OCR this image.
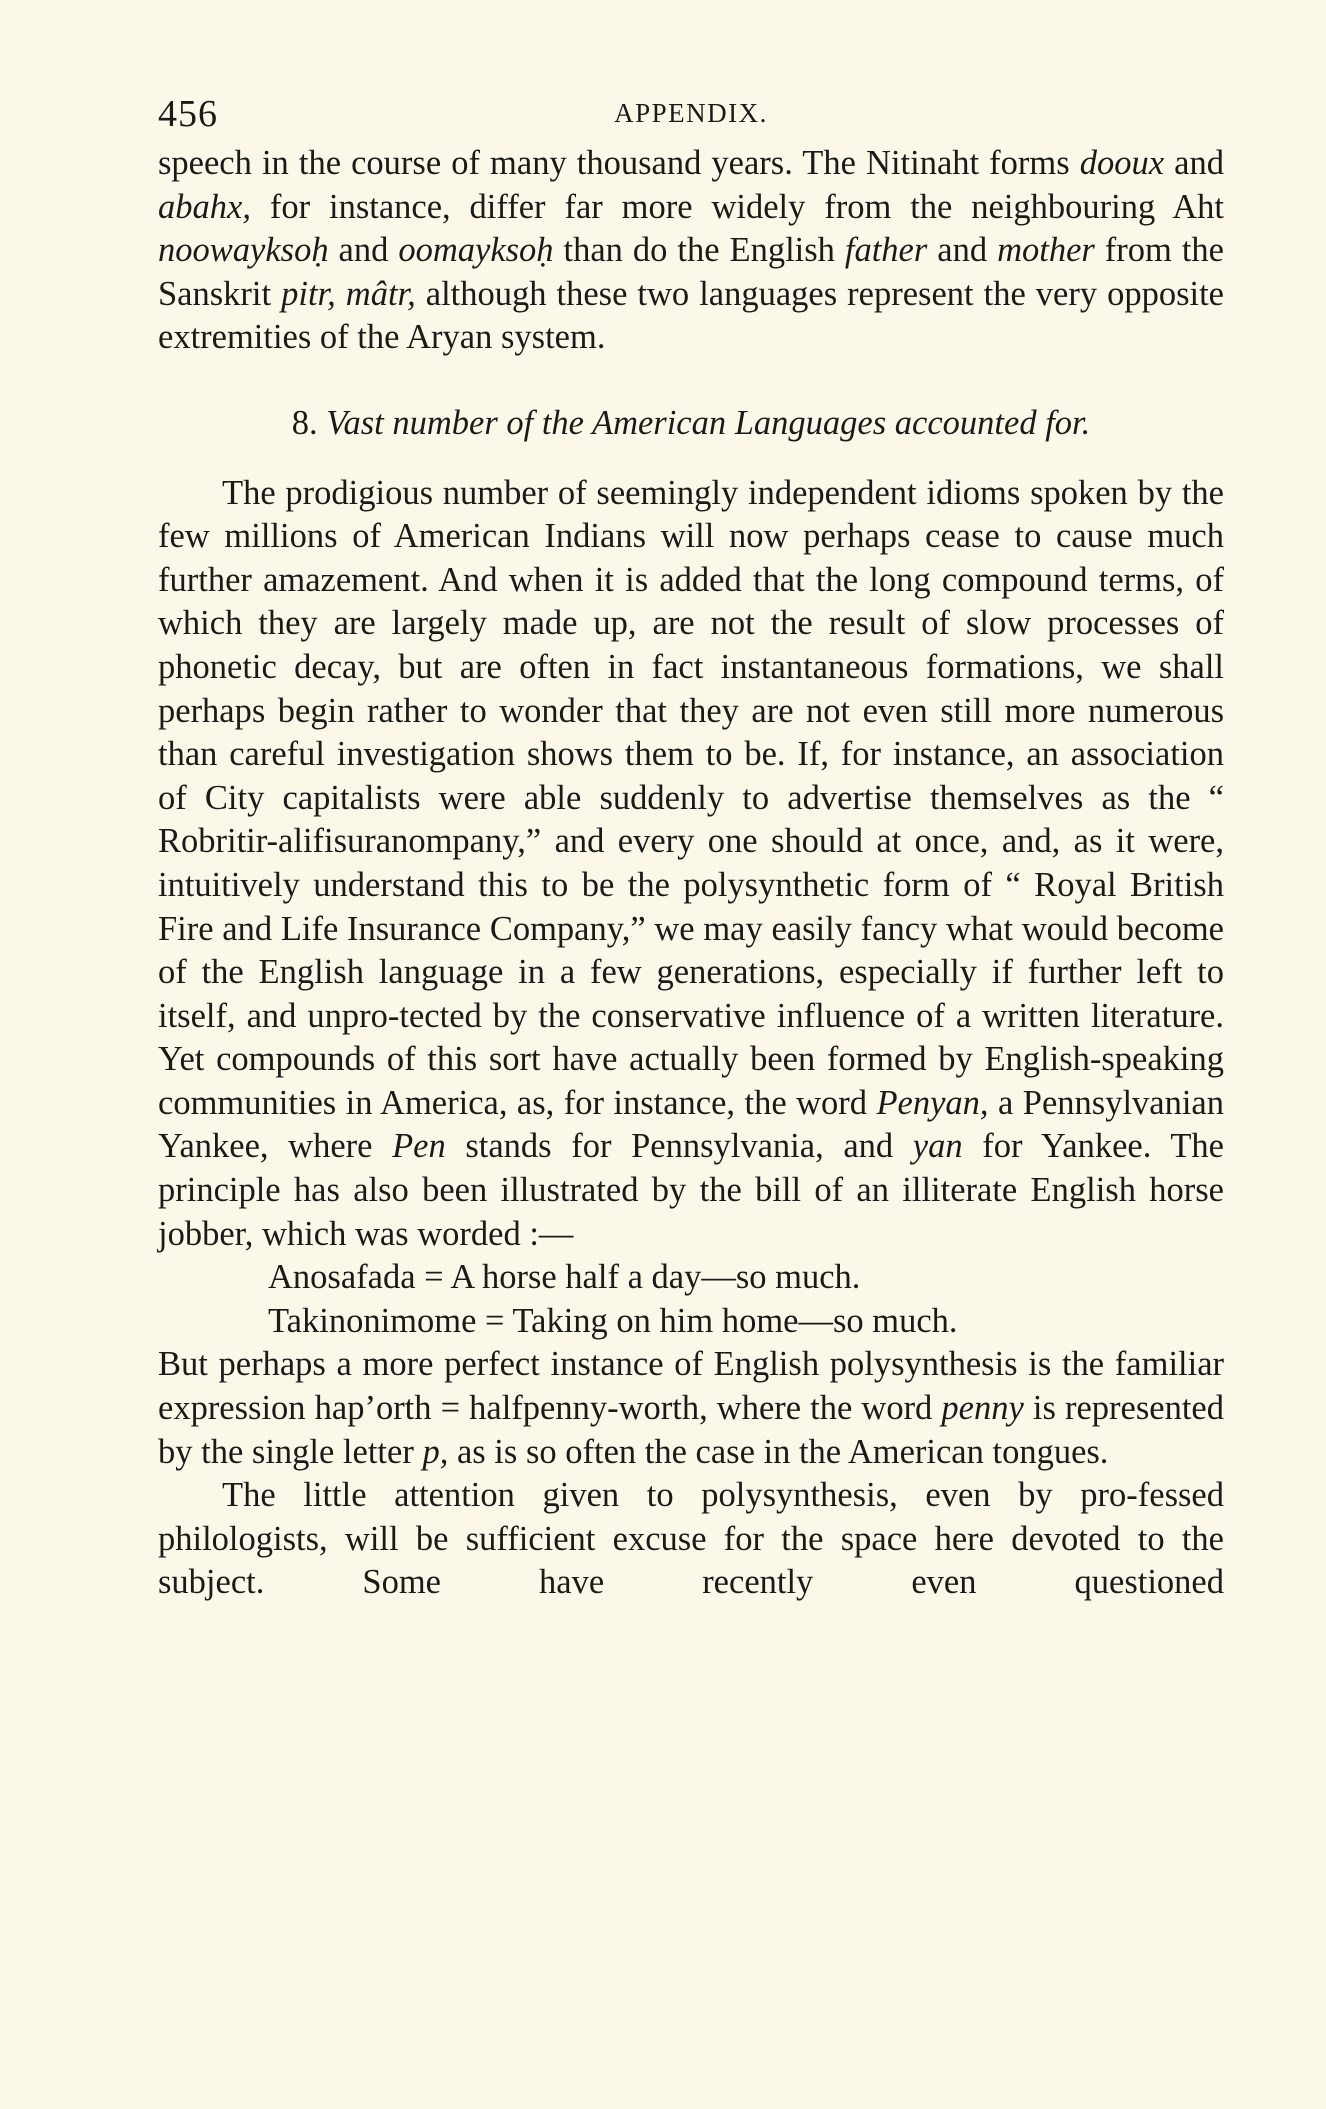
456	APPENDIX.

speech in the course of many thousand years. The Nitinaht forms dooux and abahx, for instance, differ far more widely from the neighbouring Aht noowayksoḥ and oomayksoḥ than do the English father and mother from the Sanskrit pitr, mâtr, although these two languages represent the very opposite extremities of the Aryan system.

8. Vast number of the American Languages accounted for.

The prodigious number of seemingly independent idioms spoken by the few millions of American Indians will now perhaps cease to cause much further amazement. And when it is added that the long compound terms, of which they are largely made up, are not the result of slow processes of phonetic decay, but are often in fact instantaneous formations, we shall perhaps begin rather to wonder that they are not even still more numerous than careful investigation shows them to be. If, for instance, an association of City capitalists were able suddenly to advertise themselves as the “ Robritir-alifisuranompany,” and every one should at once, and, as it were, intuitively understand this to be the polysynthetic form of “ Royal British Fire and Life Insurance Company,” we may easily fancy what would become of the English language in a few generations, especially if further left to itself, and unpro-tected by the conservative influence of a written literature. Yet compounds of this sort have actually been formed by English-speaking communities in America, as, for instance, the word Penyan, a Pennsylvanian Yankee, where Pen stands for Pennsylvania, and yan for Yankee. The principle has also been illustrated by the bill of an illiterate English horse jobber, which was worded :—

Anosafada = A horse half a day—so much.

Takinonimome = Taking on him home—so much.

But perhaps a more perfect instance of English polysynthesis is the familiar expression hap’orth = halfpenny-worth, where the word penny is represented by the single letter p, as is so often the case in the American tongues.

The little attention given to polysynthesis, even by pro-fessed philologists, will be sufficient excuse for the space here devoted to the subject. Some have recently even questioned
